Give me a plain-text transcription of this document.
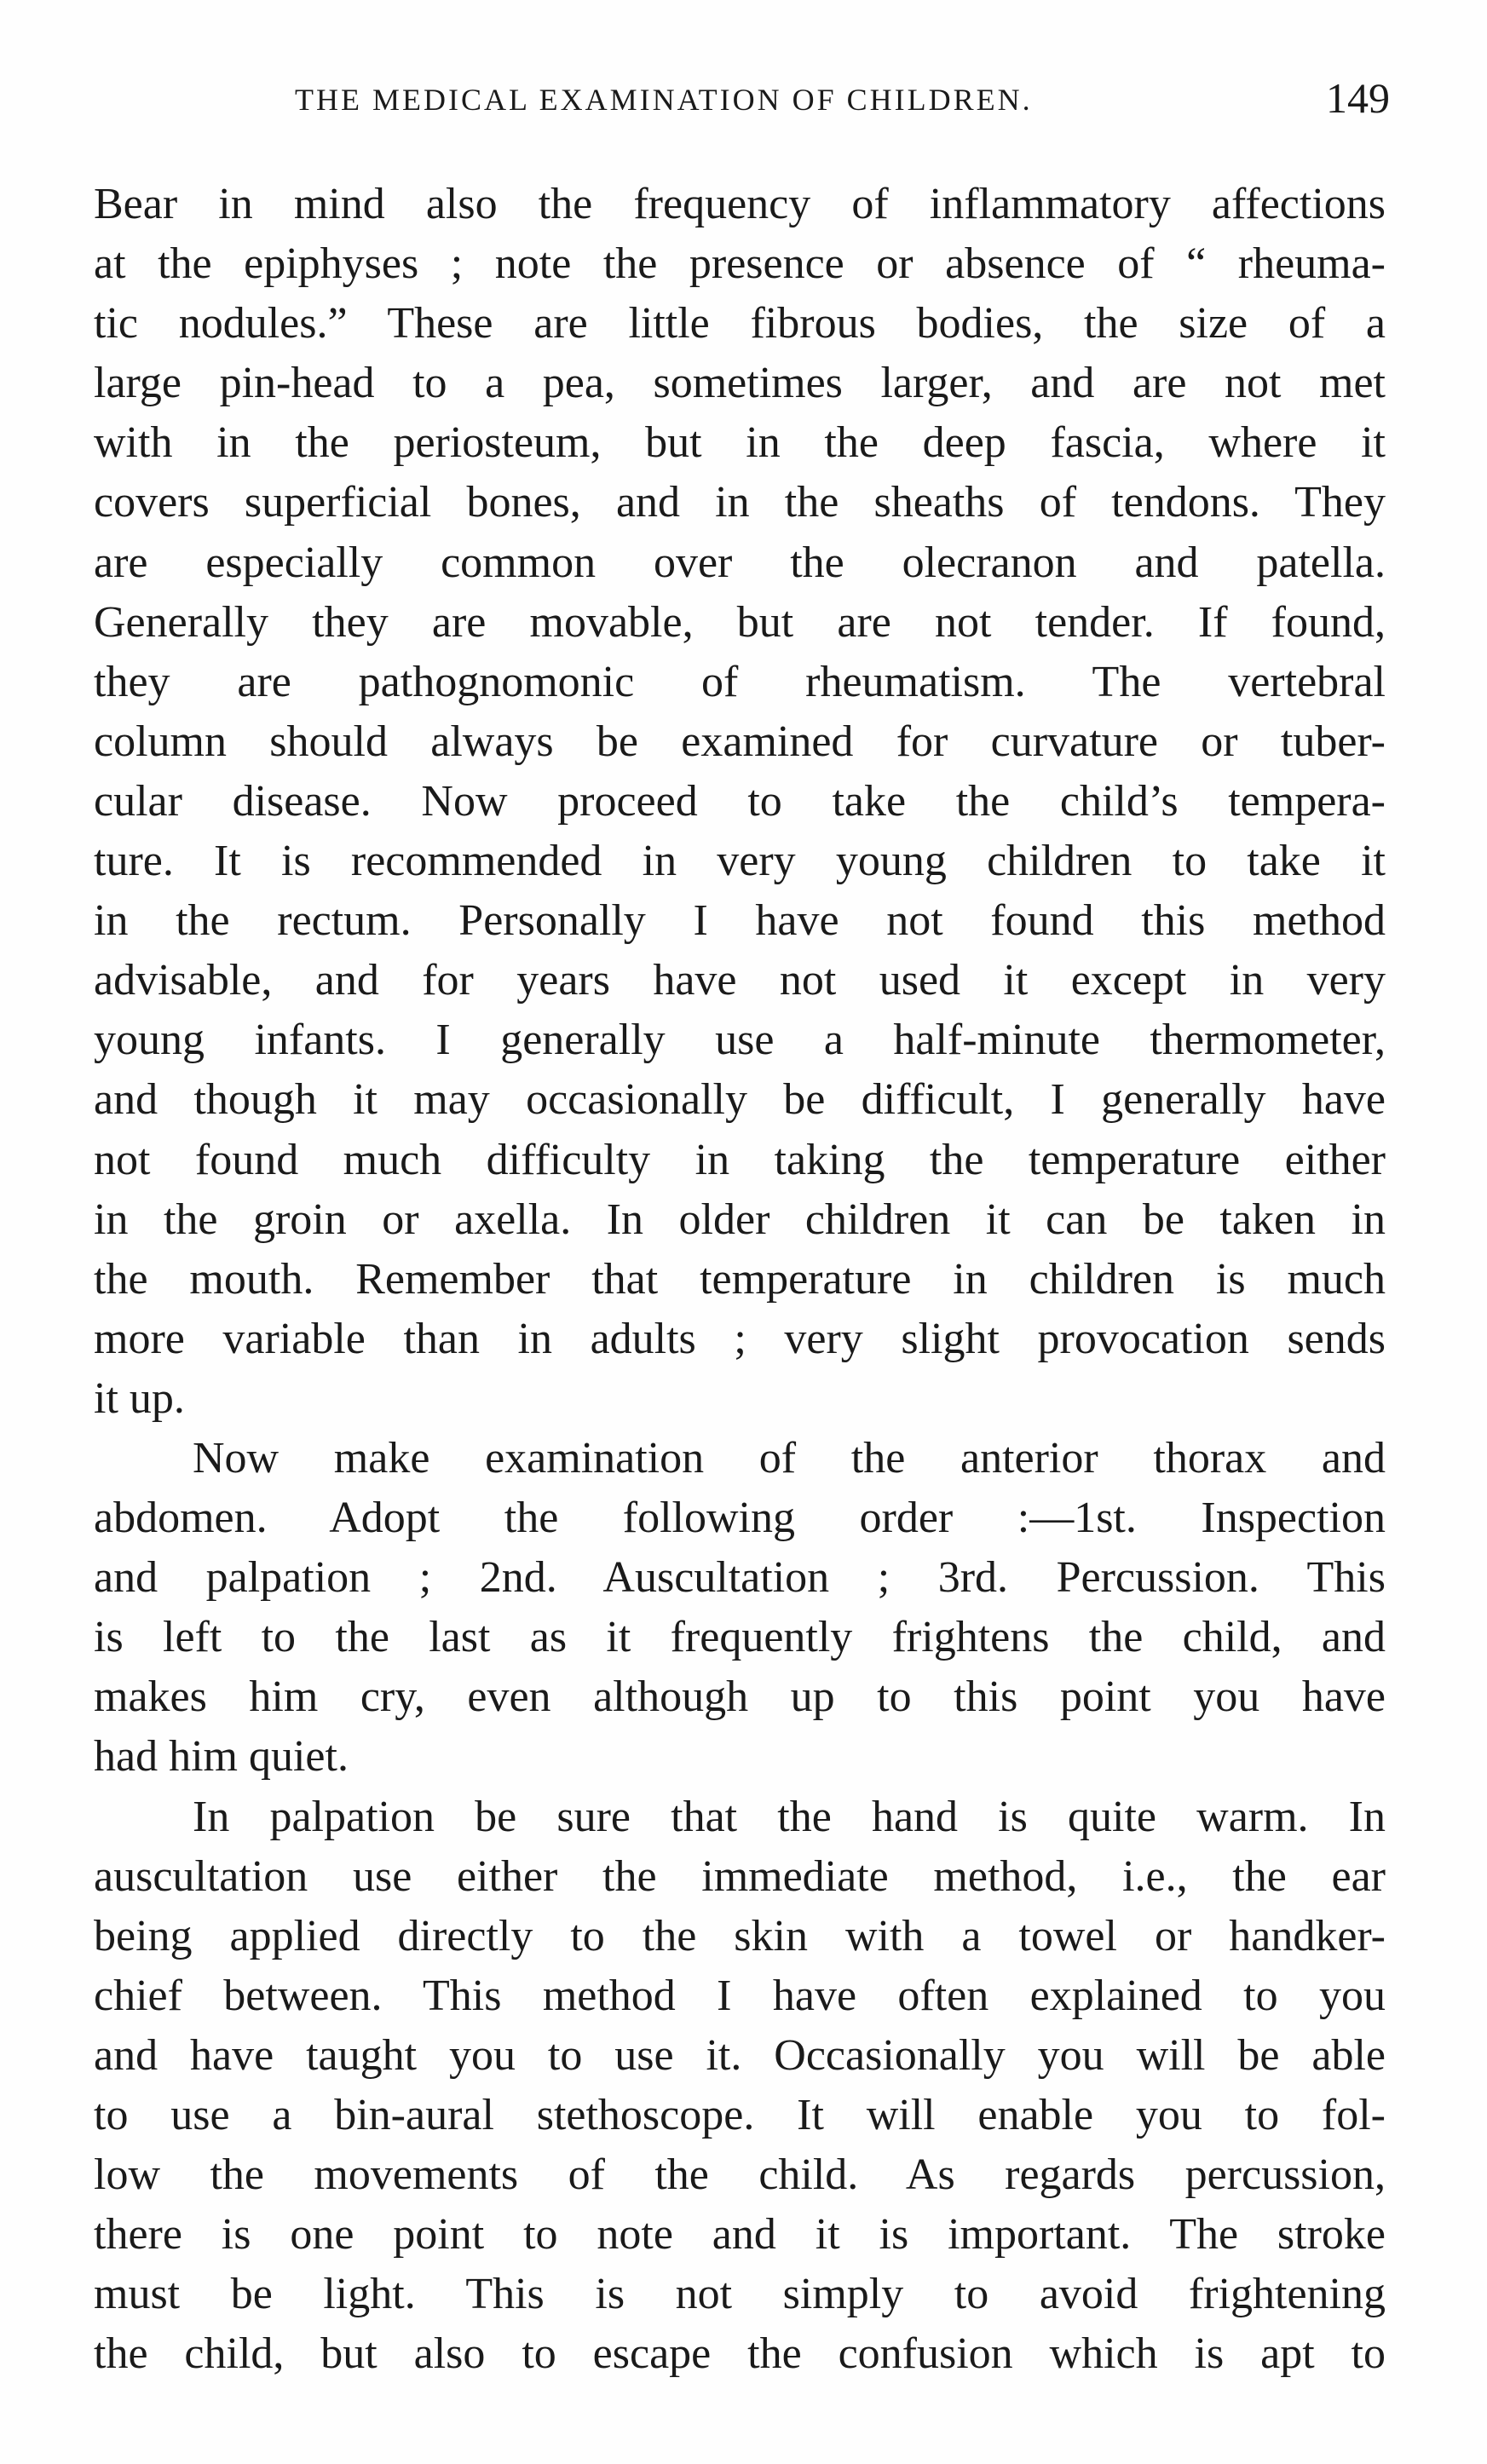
THE MEDICAL EXAMINATION OF CHILDREN.	149
Bear in mind also the frequency of inflammatory affections
at the epiphyses ; note the presence or absence of “ rheuma-
tic nodules.” These are little fibrous bodies, the size of a
large pin-head to a pea, sometimes larger, and are not met
with in the periosteum, but in the deep fascia, where it
covers superficial bones, and in the sheaths of tendons. They
are especially common over the olecranon and patella.
Generally they are movable, but are not tender. If found,
they are pathognomonic of rheumatism. The vertebral
column should always be examined for curvature or tuber-
cular disease. Now proceed to take the child’s tempera-
ture. It is recommended in very young children to take it
in the rectum. Personally I have not found this method
advisable, and for years have not used it except in very
young infants. I generally use a half-minute thermometer,
and though it may occasionally be difficult, I generally have
not found much difficulty in taking the temperature either
in the groin or axella. In older children it can be taken in
the mouth. Remember that temperature in children is much
more variable than in adults ; very slight provocation sends
it up.
Now make examination of the anterior thorax and
abdomen. Adopt the following order :—1st. Inspection
and palpation ; 2nd. Auscultation ; 3rd. Percussion. This
is left to the last as it frequently frightens the child, and
makes him cry, even although up to this point you have
had him quiet.
In palpation be sure that the hand is quite warm. In
auscultation use either the immediate method, i.e., the ear
being applied directly to the skin with a towel or handker-
chief between. This method I have often explained to you
and have taught you to use it. Occasionally you will be able
to use a bin-aural stethoscope. It will enable you to fol-
low the movements of the child. As regards percussion,
there is one point to note and it is important. The stroke
must be light. This is not simply to avoid frightening
the child, but also to escape the confusion which is apt to
